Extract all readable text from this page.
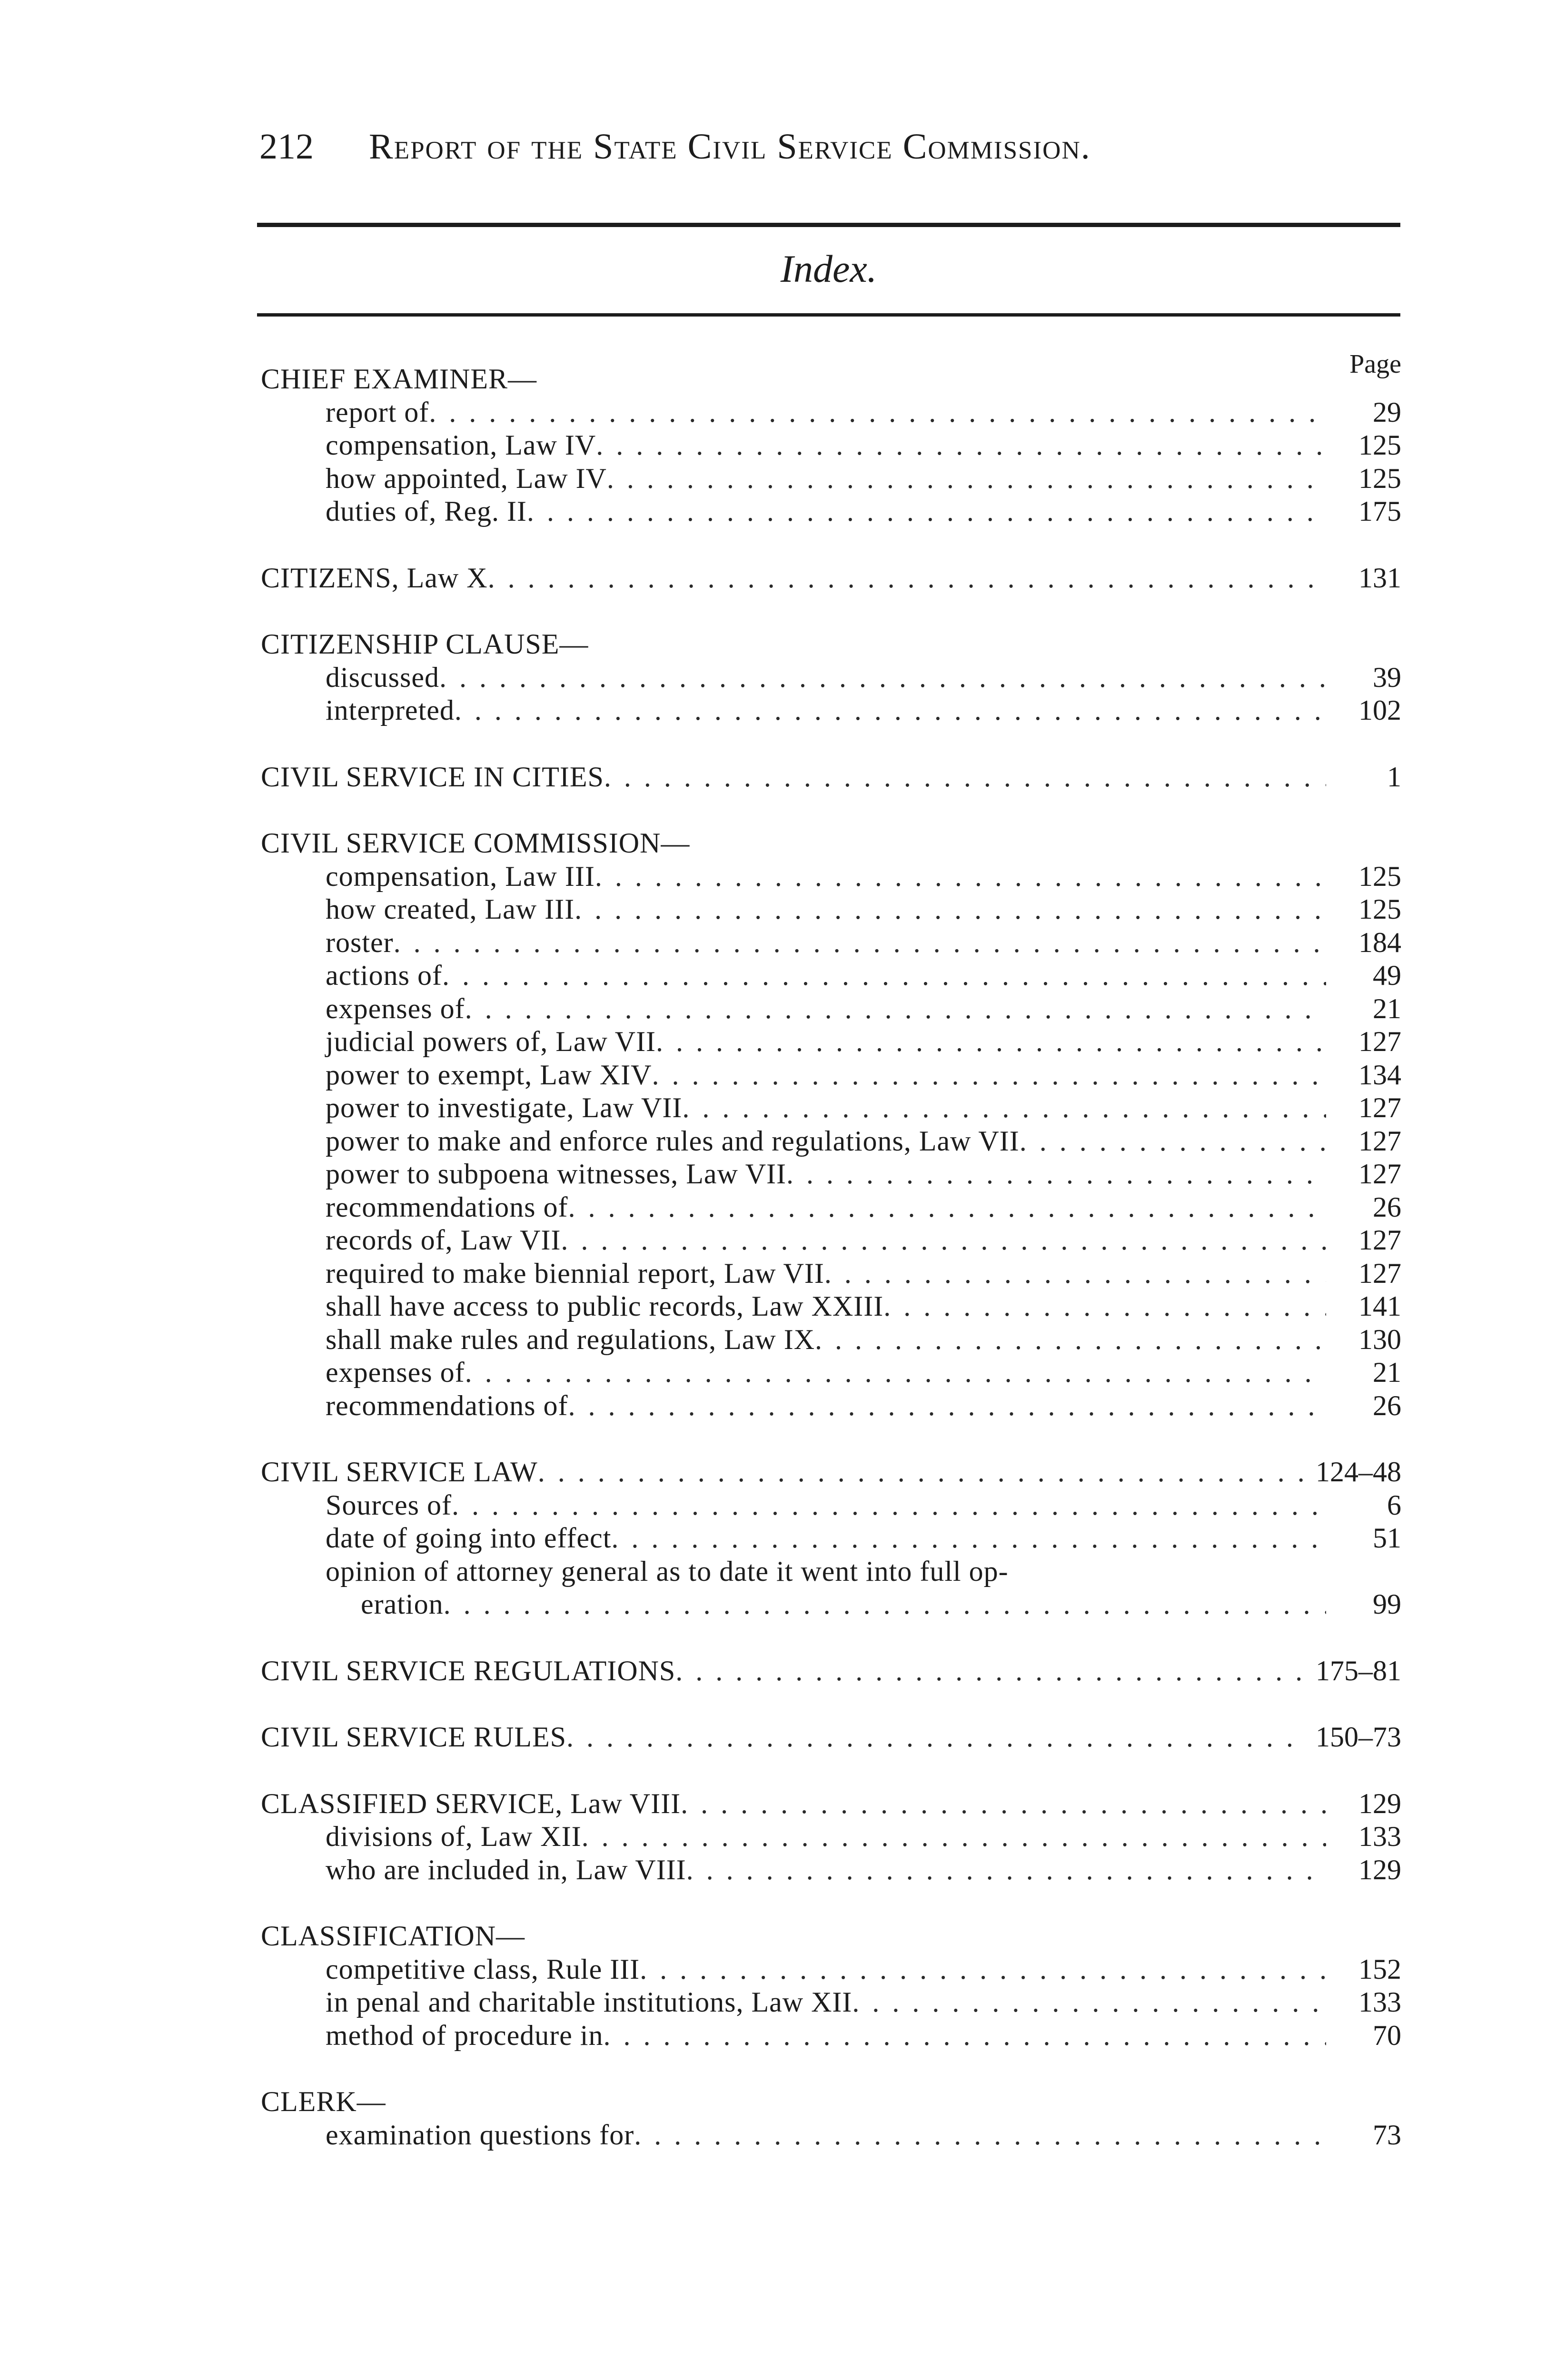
212 Report of the State Civil Service Commission.
Index.
Page
CHIEF EXAMINER—
report of . . .	29
compensation, Law IV . . .	125
how appointed, Law IV . . .	125
duties of, Reg. II . . .	175
CITIZENS, Law X . . .	131
CITIZENSHIP CLAUSE—
discussed . . .	39
interpreted . . .	102
CIVIL SERVICE IN CITIES . . .	1
CIVIL SERVICE COMMISSION—
compensation, Law III . . .	125
how created, Law III . . .	125
roster . . .	184
actions of . . .	49
expenses of . . .	21
judicial powers of, Law VII . . .	127
power to exempt, Law XIV . . .	134
power to investigate, Law VII . . .	127
power to make and enforce rules and regulations, Law VII . . .	127
power to subpoena witnesses, Law VII . . .	127
recommendations of . . .	26
records of, Law VII . . .	127
required to make biennial report, Law VII . . .	127
shall have access to public records, Law XXIII . . .	141
shall make rules and regulations, Law IX . . .	130
expenses of . . .	21
recommendations of . . .	26
CIVIL SERVICE LAW . . .	124–48
Sources of . . .	6
date of going into effect . . .	51
opinion of attorney general as to date it went into full op-
eration . . .	99
CIVIL SERVICE REGULATIONS . . .	175–81
CIVIL SERVICE RULES . . .	150–73
CLASSIFIED SERVICE, Law VIII . . .	129
divisions of, Law XII . . .	133
who are included in, Law VIII . . .	129
CLASSIFICATION—
competitive class, Rule III . . .	152
in penal and charitable institutions, Law XII . . .	133
method of procedure in . . .	70
CLERK—
examination questions for . . .	73
